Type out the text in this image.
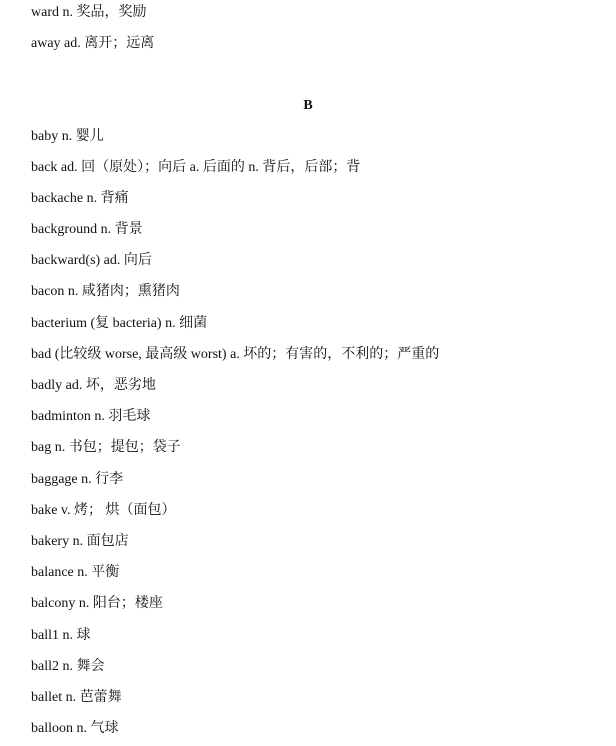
ward n. 奖品，奖励
away ad. 离开；远离
B
baby n. 婴儿
back ad. 回（原处）；向后 a. 后面的 n. 背后，后部；背
backache n. 背痛
background n. 背景
backward(s) ad. 向后
bacon n. 咸猪肉；熏猪肉
bacterium (复 bacteria) n. 细菌
bad (比较级 worse, 最高级 worst) a. 坏的；有害的，不利的；严重的
badly ad. 坏，恶劣地
badminton n. 羽毛球
bag n. 书包；提包；袋子
baggage n. 行李
bake v. 烤； 烘（面包）
bakery n. 面包店
balance n. 平衡
balcony n. 阳台；楼座
ball1 n. 球
ball2 n. 舞会
ballet n. 芭蕾舞
balloon n. 气球
